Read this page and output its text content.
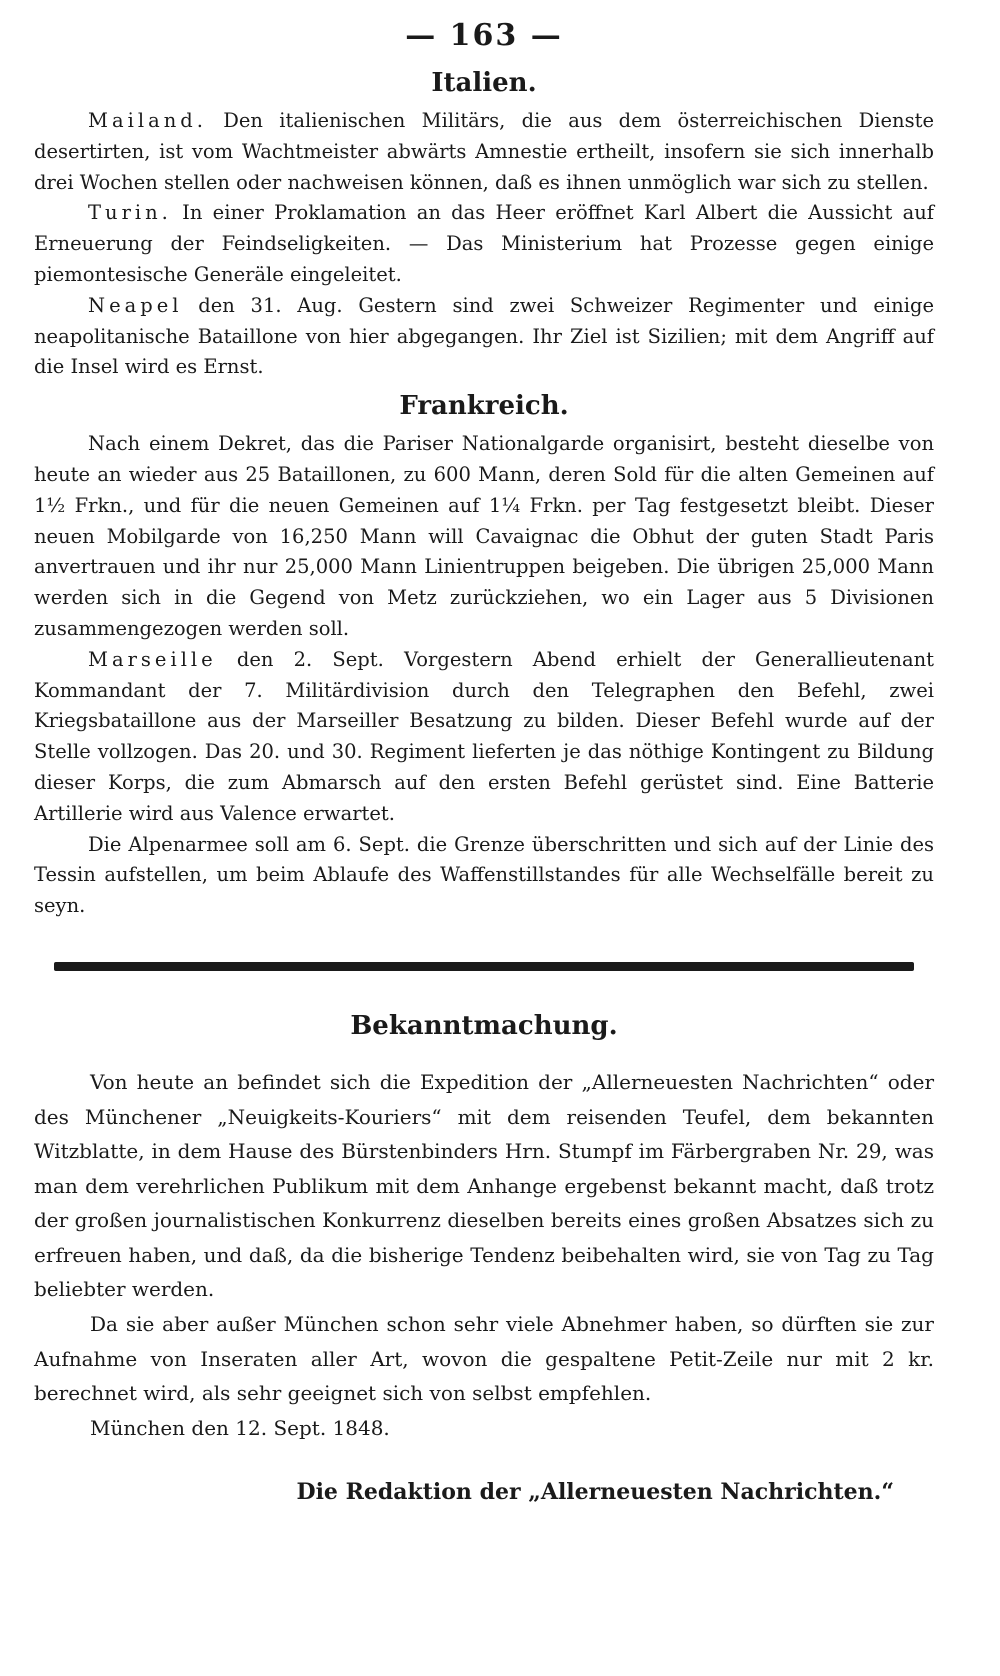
— 163 —
Italien.

Mailand. Den italienischen Militärs, die aus dem österreichischen Dienste desertirten, ist vom Wachtmeister abwärts Amnestie ertheilt, insofern sie sich innerhalb drei Wochen stellen oder nachweisen können, daß es ihnen unmöglich war sich zu stellen.

Turin. In einer Proklamation an das Heer eröffnet Karl Albert die Aussicht auf Erneuerung der Feindseligkeiten. — Das Ministerium hat Prozesse gegen einige piemontesische Generäle eingeleitet.

Neapel den 31. Aug. Gestern sind zwei Schweizer Regimenter und einige neapolitanische Bataillone von hier abgegangen. Ihr Ziel ist Sizilien; mit dem Angriff auf die Insel wird es Ernst.

Frankreich.

Nach einem Dekret, das die Pariser Nationalgarde organisirt, besteht dieselbe von heute an wieder aus 25 Bataillonen, zu 600 Mann, deren Sold für die alten Gemeinen auf 1½ Frkn., und für die neuen Gemeinen auf 1¼ Frkn. per Tag festgesetzt bleibt. Dieser neuen Mobilgarde von 16,250 Mann will Cavaignac die Obhut der guten Stadt Paris anvertrauen und ihr nur 25,000 Mann Linientruppen beigeben. Die übrigen 25,000 Mann werden sich in die Gegend von Metz zurückziehen, wo ein Lager aus 5 Divisionen zusammengezogen werden soll.

Marseille den 2. Sept. Vorgestern Abend erhielt der Generallieutenant Kommandant der 7. Militärdivision durch den Telegraphen den Befehl, zwei Kriegsbataillone aus der Marseiller Besatzung zu bilden. Dieser Befehl wurde auf der Stelle vollzogen. Das 20. und 30. Regiment lieferten je das nöthige Kontingent zu Bildung dieser Korps, die zum Abmarsch auf den ersten Befehl gerüstet sind. Eine Batterie Artillerie wird aus Valence erwartet.

Die Alpenarmee soll am 6. Sept. die Grenze überschritten und sich auf der Linie des Tessin aufstellen, um beim Ablaufe des Waffenstillstandes für alle Wechselfälle bereit zu seyn.

Bekanntmachung.

Von heute an befindet sich die Expedition der „Allerneuesten Nachrichten“ oder des Münchener „Neuigkeits-Kouriers“ mit dem reisenden Teufel, dem bekannten Witzblatte, in dem Hause des Bürstenbinders Hrn. Stumpf im Färbergraben Nr. 29, was man dem verehrlichen Publikum mit dem Anhange ergebenst bekannt macht, daß trotz der großen journalistischen Konkurrenz dieselben bereits eines großen Absatzes sich zu erfreuen haben, und daß, da die bisherige Tendenz beibehalten wird, sie von Tag zu Tag beliebter werden.

Da sie aber außer München schon sehr viele Abnehmer haben, so dürften sie zur Aufnahme von Inseraten aller Art, wovon die gespaltene Petit-Zeile nur mit 2 kr. berechnet wird, als sehr geeignet sich von selbst empfehlen.

München den 12. Sept. 1848.

Die Redaktion der „Allerneuesten Nachrichten.“
